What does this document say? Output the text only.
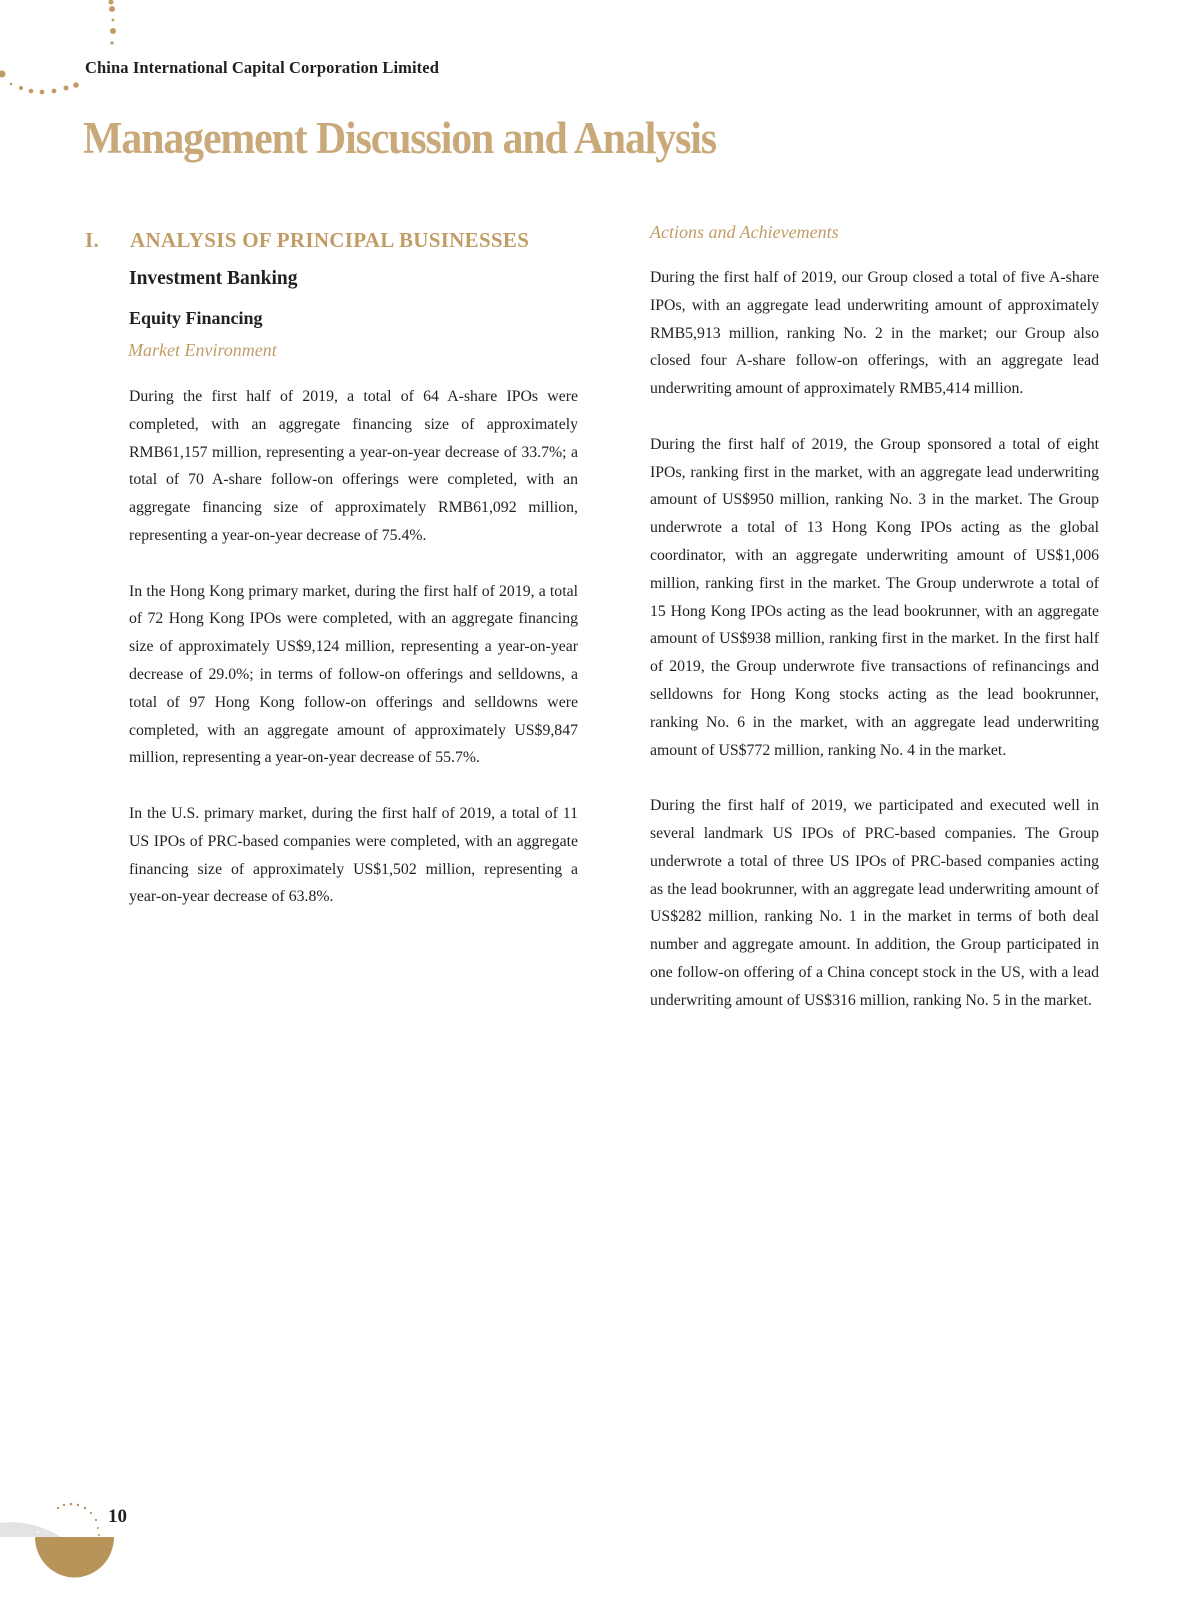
China International Capital Corporation Limited
Management Discussion and Analysis
I. ANALYSIS OF PRINCIPAL BUSINESSES
Investment Banking
Equity Financing
Market Environment

During the first half of 2019, a total of 64 A-share IPOs were completed, with an aggregate financing size of approximately RMB61,157 million, representing a year-on-year decrease of 33.7%; a total of 70 A-share follow-on offerings were completed, with an aggregate financing size of approximately RMB61,092 million, representing a year-on-year decrease of 75.4%.

In the Hong Kong primary market, during the first half of 2019, a total of 72 Hong Kong IPOs were completed, with an aggregate financing size of approximately US$9,124 million, representing a year-on-year decrease of 29.0%; in terms of follow-on offerings and selldowns, a total of 97 Hong Kong follow-on offerings and selldowns were completed, with an aggregate amount of approximately US$9,847 million, representing a year-on-year decrease of 55.7%.

In the U.S. primary market, during the first half of 2019, a total of 11 US IPOs of PRC-based companies were completed, with an aggregate financing size of approximately US$1,502 million, representing a year-on-year decrease of 63.8%.

Actions and Achievements

During the first half of 2019, our Group closed a total of five A-share IPOs, with an aggregate lead underwriting amount of approximately RMB5,913 million, ranking No. 2 in the market; our Group also closed four A-share follow-on offerings, with an aggregate lead underwriting amount of approximately RMB5,414 million.

During the first half of 2019, the Group sponsored a total of eight IPOs, ranking first in the market, with an aggregate lead underwriting amount of US$950 million, ranking No. 3 in the market. The Group underwrote a total of 13 Hong Kong IPOs acting as the global coordinator, with an aggregate underwriting amount of US$1,006 million, ranking first in the market. The Group underwrote a total of 15 Hong Kong IPOs acting as the lead bookrunner, with an aggregate amount of US$938 million, ranking first in the market. In the first half of 2019, the Group underwrote five transactions of refinancings and selldowns for Hong Kong stocks acting as the lead bookrunner, ranking No. 6 in the market, with an aggregate lead underwriting amount of US$772 million, ranking No. 4 in the market.

During the first half of 2019, we participated and executed well in several landmark US IPOs of PRC-based companies. The Group underwrote a total of three US IPOs of PRC-based companies acting as the lead bookrunner, with an aggregate lead underwriting amount of US$282 million, ranking No. 1 in the market in terms of both deal number and aggregate amount. In addition, the Group participated in one follow-on offering of a China concept stock in the US, with a lead underwriting amount of US$316 million, ranking No. 5 in the market.

10
